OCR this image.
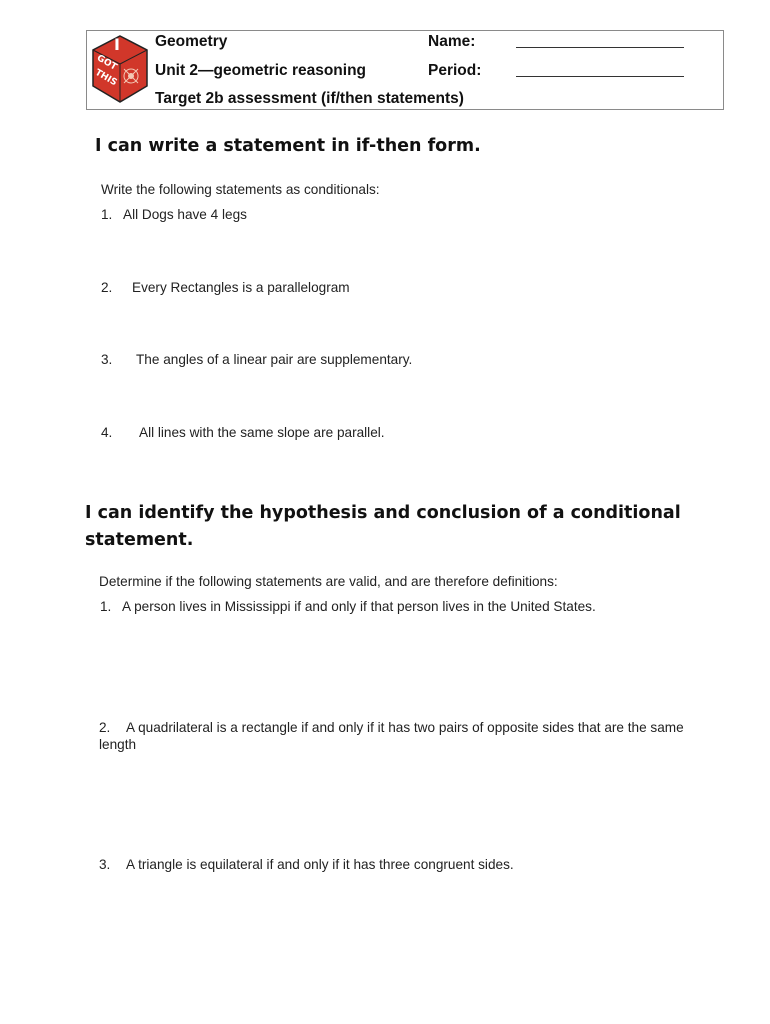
I
GOT
THIS
Geometry
Unit 2—geometric reasoning
Target 2b assessment (if/then statements)
Name:
Period:
I can write a statement in if-then form.
Write the following statements as conditionals:
1. All Dogs have 4 legs
2. Every Rectangles is a parallelogram
3. The angles of a linear pair are supplementary.
4. All lines with the same slope are parallel.
I can identify the hypothesis and conclusion of a conditional
statement.
Determine if the following statements are valid, and are therefore definitions:
1. A person lives in Mississippi if and only if that person lives in the United States.
2. A quadrilateral is a rectangle if and only if it has two pairs of opposite sides that are the same
length
3. A triangle is equilateral if and only if it has three congruent sides.
